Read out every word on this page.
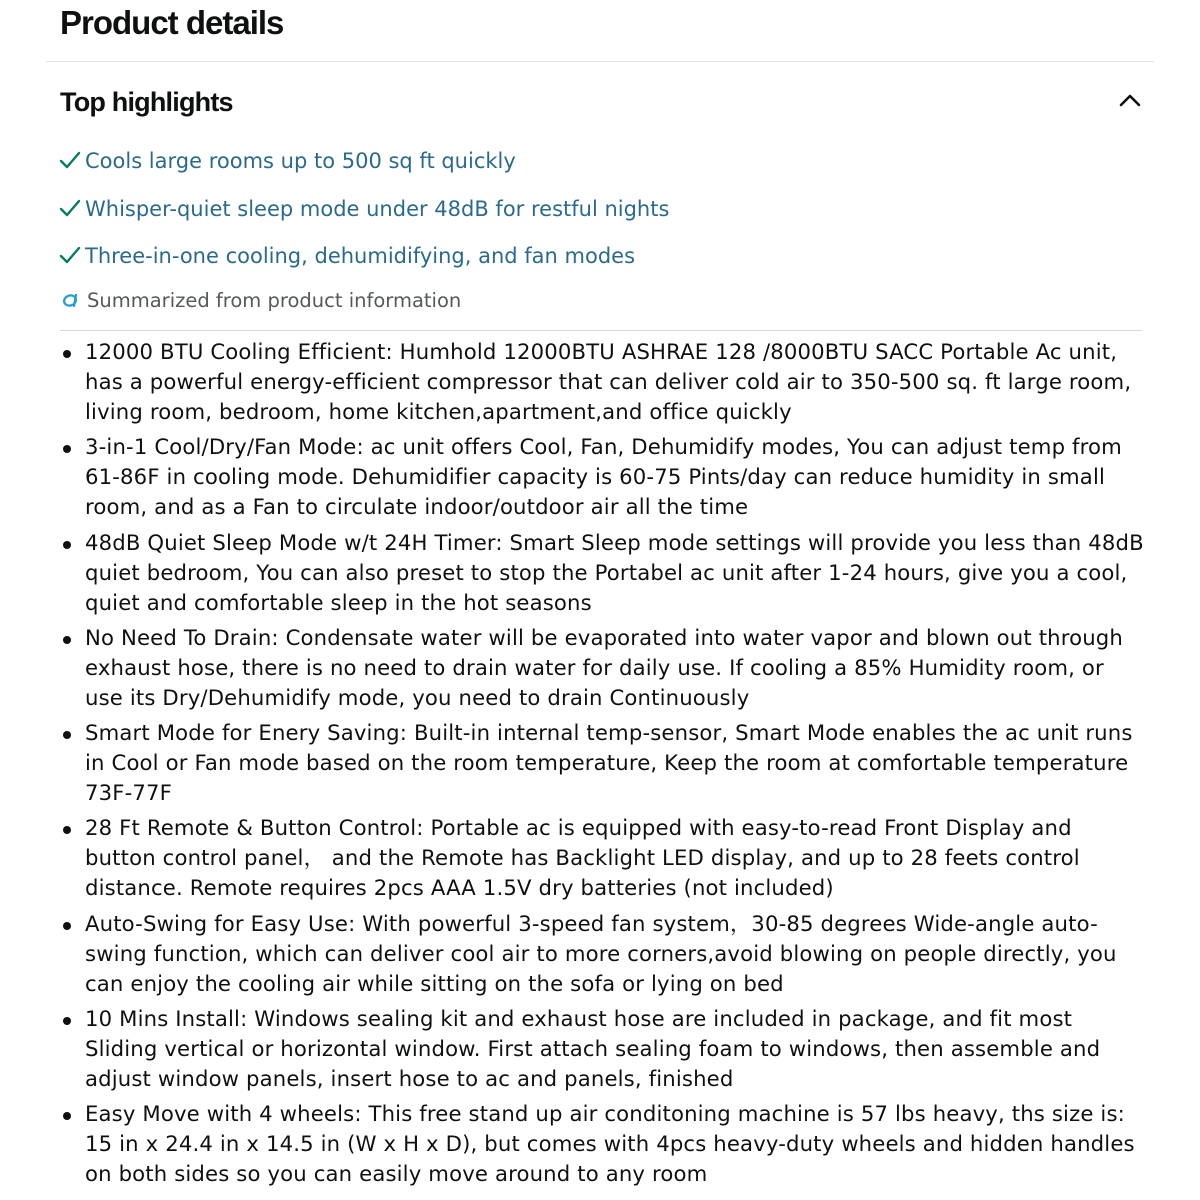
Product details
Top highlights
Cools large rooms up to 500 sq ft quickly
Whisper-quiet sleep mode under 48dB for restful nights
Three-in-one cooling, dehumidifying, and fan modes
Summarized from product information
12000 BTU Cooling Efficient: Humhold 12000BTU ASHRAE 128 /8000BTU SACC Portable Ac unit, has a powerful energy-efficient compressor that can deliver cold air to 350-500 sq. ft large room, living room, bedroom, home kitchen,apartment,and office quickly
3-in-1 Cool/Dry/Fan Mode: ac unit offers Cool, Fan, Dehumidify modes, You can adjust temp from 61-86F in cooling mode. Dehumidifier capacity is 60-75 Pints/day can reduce humidity in small room, and as a Fan to circulate indoor/outdoor air all the time
48dB Quiet Sleep Mode w/t 24H Timer: Smart Sleep mode settings will provide you less than 48dB quiet bedroom, You can also preset to stop the Portabel ac unit after 1-24 hours, give you a cool, quiet and comfortable sleep in the hot seasons
No Need To Drain: Condensate water will be evaporated into water vapor and blown out through exhaust hose, there is no need to drain water for daily use. If cooling a 85% Humidity room, or use its Dry/Dehumidify mode, you need to drain Continuously
Smart Mode for Enery Saving: Built-in internal temp-sensor, Smart Mode enables the ac unit runs in Cool or Fan mode based on the room temperature, Keep the room at comfortable temperature 73F-77F
28 Ft Remote & Button Control: Portable ac is equipped with easy-to-read Front Display and button control panel， and the Remote has Backlight LED display, and up to 28 feets control distance. Remote requires 2pcs AAA 1.5V dry batteries (not included)
Auto-Swing for Easy Use: With powerful 3-speed fan system，30-85 degrees Wide-angle auto-swing function, which can deliver cool air to more corners,avoid blowing on people directly, you can enjoy the cooling air while sitting on the sofa or lying on bed
10 Mins Install: Windows sealing kit and exhaust hose are included in package, and fit most Sliding vertical or horizontal window. First attach sealing foam to windows, then assemble and adjust window panels, insert hose to ac and panels, finished
Easy Move with 4 wheels: This free stand up air conditoning machine is 57 lbs heavy, ths size is: 15 in x 24.4 in x 14.5 in (W x H x D), but comes with 4pcs heavy-duty wheels and hidden handles on both sides so you can easily move around to any room
